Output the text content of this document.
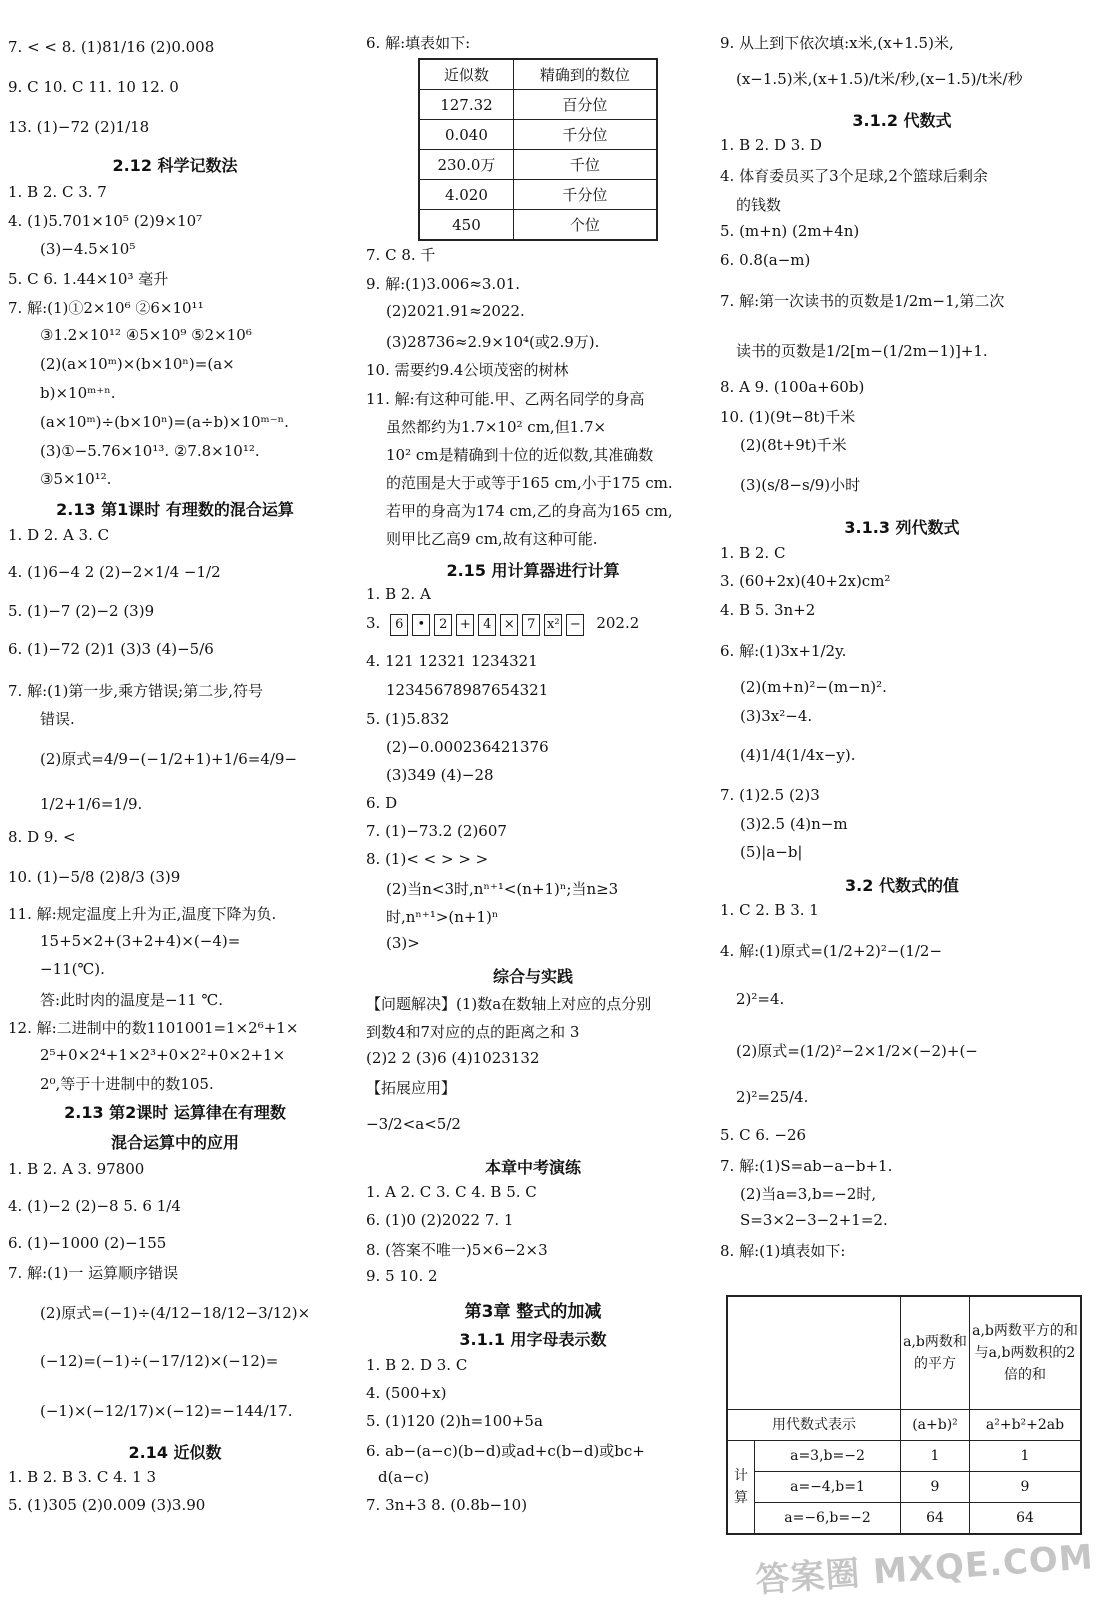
7. < < 8. (1)81/16 (2)0.008
9. C 10. C 11. 10 12. 0
13. (1)−72 (2)1/18
2.12 科学记数法
1. B 2. C 3. 7
4. (1)5.701×10⁵ (2)9×10⁷
(3)−4.5×10⁵
5. C 6. 1.44×10³ 毫升
7. 解:(1)①2×10⁶ ②6×10¹¹
③1.2×10¹² ④5×10⁹ ⑤2×10⁶
(2)(a×10ᵐ)×(b×10ⁿ)=(a×
b)×10ᵐ⁺ⁿ.
(a×10ᵐ)÷(b×10ⁿ)=(a÷b)×10ᵐ⁻ⁿ.
(3)①−5.76×10¹³. ②7.8×10¹².
③5×10¹².
2.13 第1课时 有理数的混合运算
1. D 2. A 3. C
4. (1)6−4 2 (2)−2×1/4 −1/2
5. (1)−7 (2)−2 (3)9
6. (1)−72 (2)1 (3)3 (4)−5/6
7. 解:(1)第一步,乘方错误;第二步,符号
错误.
(2)原式=4/9−(−1/2+1)+1/6=4/9−
1/2+1/6=1/9.
8. D 9. <
10. (1)−5/8 (2)8/3 (3)9
11. 解:规定温度上升为正,温度下降为负.
15+5×2+(3+2+4)×(−4)=
−11(℃).
答:此时肉的温度是−11 ℃.
12. 解:二进制中的数1101001=1×2⁶+1×
2⁵+0×2⁴+1×2³+0×2²+0×2+1×
2⁰,等于十进制中的数105.
2.13 第2课时 运算律在有理数
混合运算中的应用
1. B 2. A 3. 97800
4. (1)−2 (2)−8 5. 6 1/4
6. (1)−1000 (2)−155
7. 解:(1)一 运算顺序错误
(2)原式=(−1)÷(4/12−18/12−3/12)×
(−12)=(−1)÷(−17/12)×(−12)=
(−1)×(−12/17)×(−12)=−144/17.
2.14 近似数
1. B 2. B 3. C 4. 1 3
5. (1)305 (2)0.009 (3)3.90
近似数	精确到的数位
127.32	百分位
0.040	千分位
230.0万	千位
4.020	千分位
450	个位
6. 解:填表如下:
7. C 8. 千
9. 解:(1)3.006≈3.01.
(2)2021.91≈2022.
(3)28736≈2.9×10⁴(或2.9万).
10. 需要约9.4公顷茂密的树林
11. 解:有这种可能.甲、乙两名同学的身高
虽然都约为1.7×10² cm,但1.7×
10² cm是精确到十位的近似数,其准确数
的范围是大于或等于165 cm,小于175 cm.
若甲的身高为174 cm,乙的身高为165 cm,
则甲比乙高9 cm,故有这种可能.
2.15 用计算器进行计算
1. B 2. A
3. 6 • 2 + 4 × 7 x² − 202.2
4. 121 12321 1234321
12345678987654321
5. (1)5.832
(2)−0.000236421376
(3)349 (4)−28
6. D
7. (1)−73.2 (2)607
8. (1)< < > > >
(2)当n<3时,nⁿ⁺¹<(n+1)ⁿ;当n≥3
时,nⁿ⁺¹>(n+1)ⁿ
(3)>
综合与实践
【问题解决】(1)数a在数轴上对应的点分别
到数4和7对应的点的距离之和 3
(2)2 2 (3)6 (4)1023132
【拓展应用】
−3/2<a<5/2
本章中考演练
1. A 2. C 3. C 4. B 5. C
6. (1)0 (2)2022 7. 1
8. (答案不唯一)5×6−2×3
9. 5 10. 2
第3章 整式的加减
3.1.1 用字母表示数
1. B 2. D 3. C
4. (500+x)
5. (1)120 (2)h=100+5a
6. ab−(a−c)(b−d)或ad+c(b−d)或bc+
d(a−c)
7. 3n+3 8. (0.8b−10)
		a,b两数和的平方	a,b两数平方的和与a,b两数积的2倍的和
用代数式表示		(a+b)²	a²+b²+2ab
计算	a=3,b=−2	1	1
	a=−4,b=1	9	9
	a=−6,b=−2	64	64
9. 从上到下依次填:x米,(x+1.5)米,
(x−1.5)米,(x+1.5)/t米/秒,(x−1.5)/t米/秒
3.1.2 代数式
1. B 2. D 3. D
4. 体育委员买了3个足球,2个篮球后剩余
的钱数
5. (m+n) (2m+4n)
6. 0.8(a−m)
7. 解:第一次读书的页数是1/2m−1,第二次
读书的页数是1/2[m−(1/2m−1)]+1.
8. A 9. (100a+60b)
10. (1)(9t−8t)千米
(2)(8t+9t)千米
(3)(s/8−s/9)小时
3.1.3 列代数式
1. B 2. C
3. (60+2x)(40+2x)cm²
4. B 5. 3n+2
6. 解:(1)3x+1/2y.
(2)(m+n)²−(m−n)².
(3)3x²−4.
(4)1/4(1/4x−y).
7. (1)2.5 (2)3
(3)2.5 (4)n−m
(5)|a−b|
3.2 代数式的值
1. C 2. B 3. 1
4. 解:(1)原式=(1/2+2)²−(1/2−
2)²=4.
(2)原式=(1/2)²−2×1/2×(−2)+(−
2)²=25/4.
5. C 6. −26
7. 解:(1)S=ab−a−b+1.
(2)当a=3,b=−2时,
S=3×2−3−2+1=2.
8. 解:(1)填表如下:
答案圈 MXQE.COM
